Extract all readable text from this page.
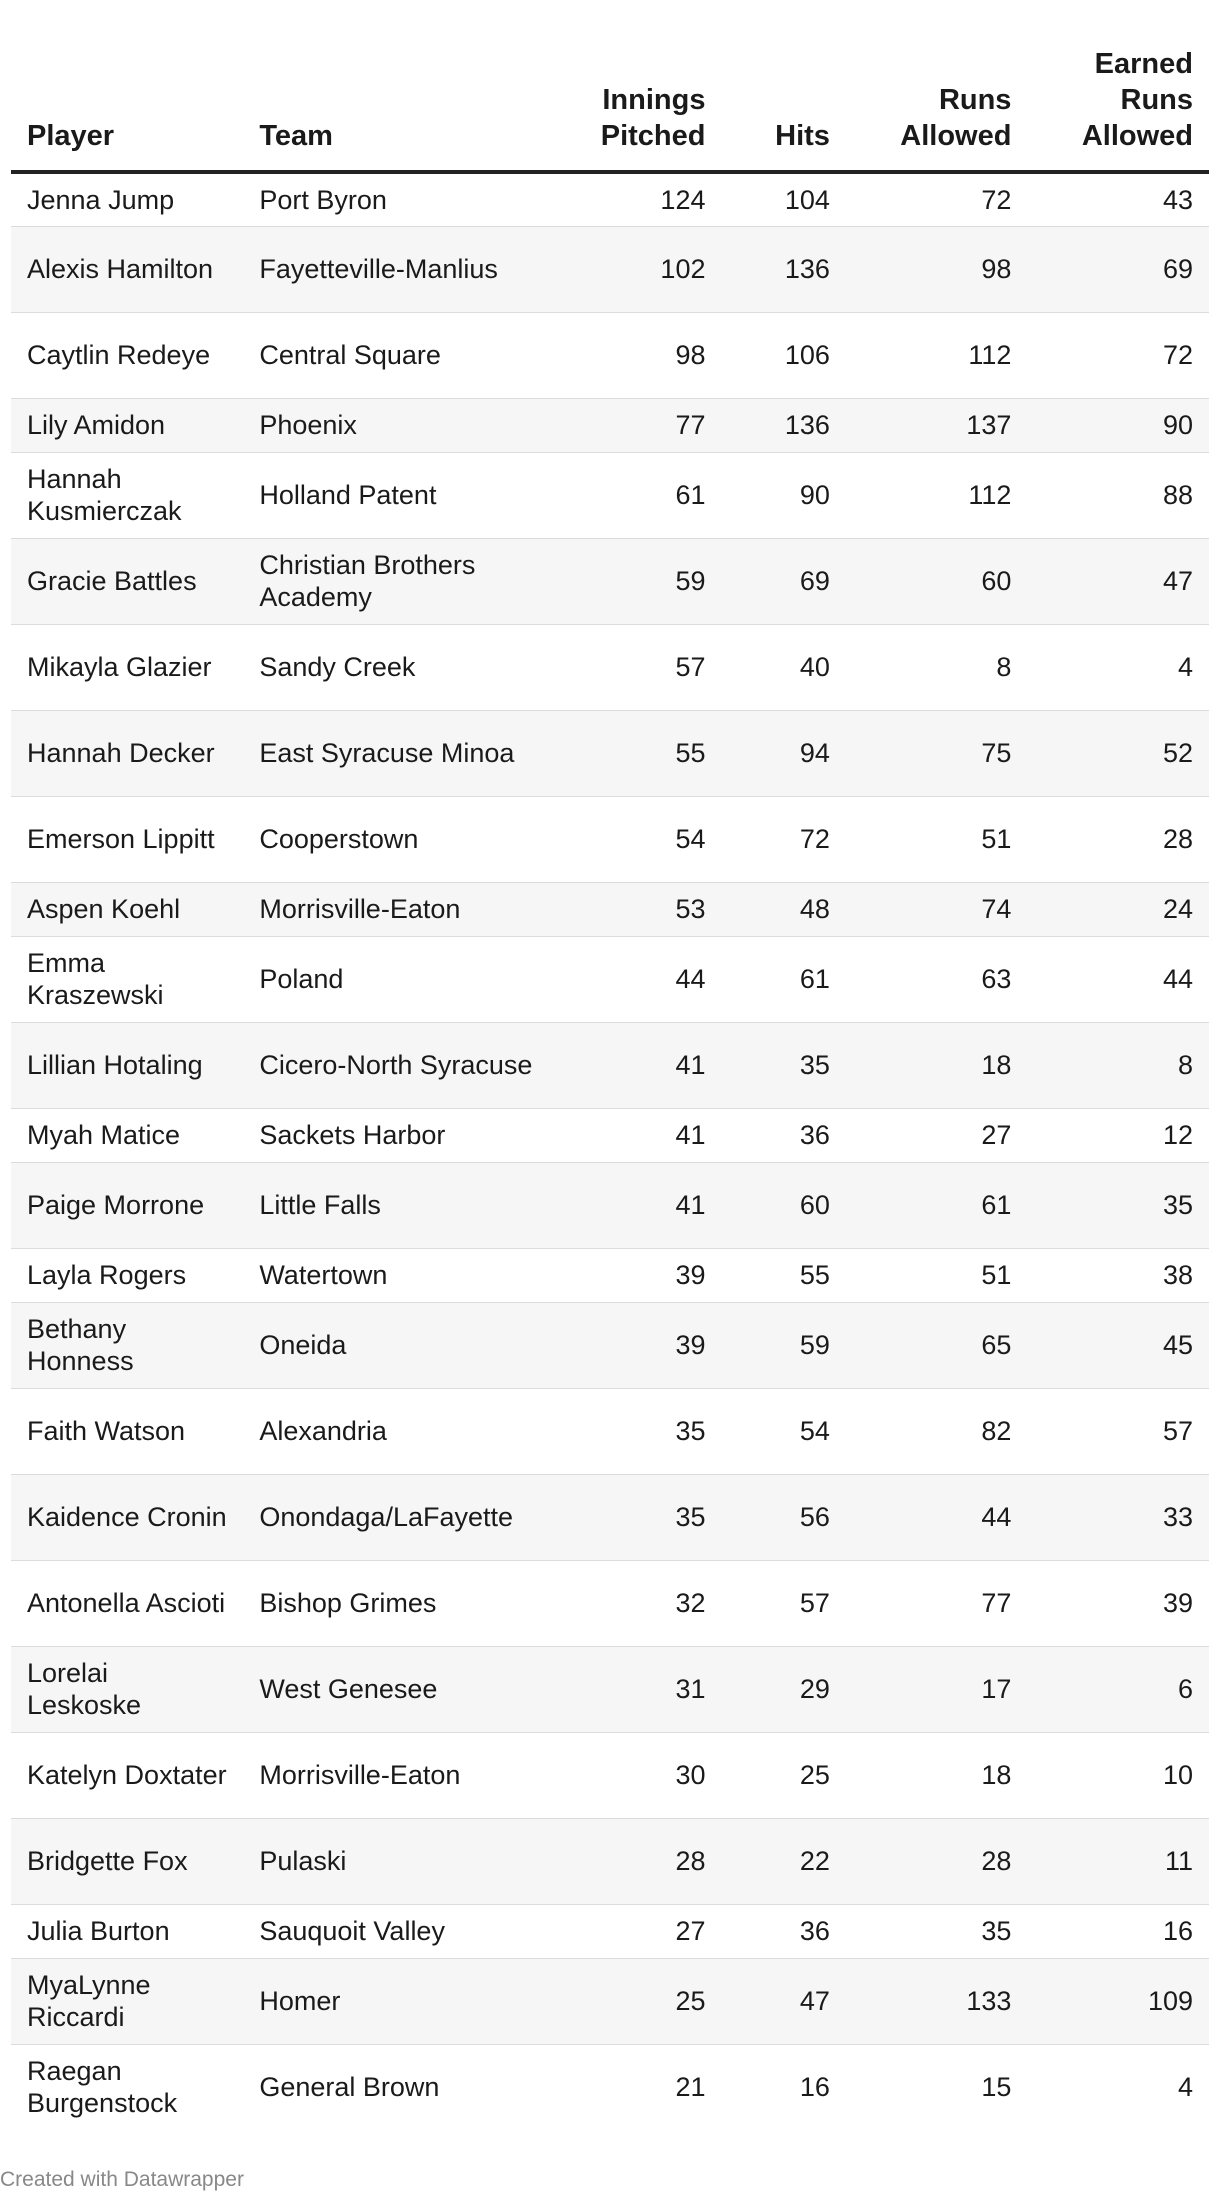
Player	Team	Innings Pitched	Hits	Runs Allowed	Earned Runs Allowed
Jenna Jump	Port Byron	124	104	72	43
Alexis Hamilton	Fayetteville-Manlius	102	136	98	69
Caytlin Redeye	Central Square	98	106	112	72
Lily Amidon	Phoenix	77	136	137	90
Hannah Kusmierczak	Holland Patent	61	90	112	88
Gracie Battles	Christian Brothers Academy	59	69	60	47
Mikayla Glazier	Sandy Creek	57	40	8	4
Hannah Decker	East Syracuse Minoa	55	94	75	52
Emerson Lippitt	Cooperstown	54	72	51	28
Aspen Koehl	Morrisville-Eaton	53	48	74	24
Emma Kraszewski	Poland	44	61	63	44
Lillian Hotaling	Cicero-North Syracuse	41	35	18	8
Myah Matice	Sackets Harbor	41	36	27	12
Paige Morrone	Little Falls	41	60	61	35
Layla Rogers	Watertown	39	55	51	38
Bethany Honness	Oneida	39	59	65	45
Faith Watson	Alexandria	35	54	82	57
Kaidence Cronin	Onondaga/LaFayette	35	56	44	33
Antonella Ascioti	Bishop Grimes	32	57	77	39
Lorelai Leskoske	West Genesee	31	29	17	6
Katelyn Doxtater	Morrisville-Eaton	30	25	18	10
Bridgette Fox	Pulaski	28	22	28	11
Julia Burton	Sauquoit Valley	27	36	35	16
MyaLynne Riccardi	Homer	25	47	133	109
Raegan Burgenstock	General Brown	21	16	15	4
Created with Datawrapper
